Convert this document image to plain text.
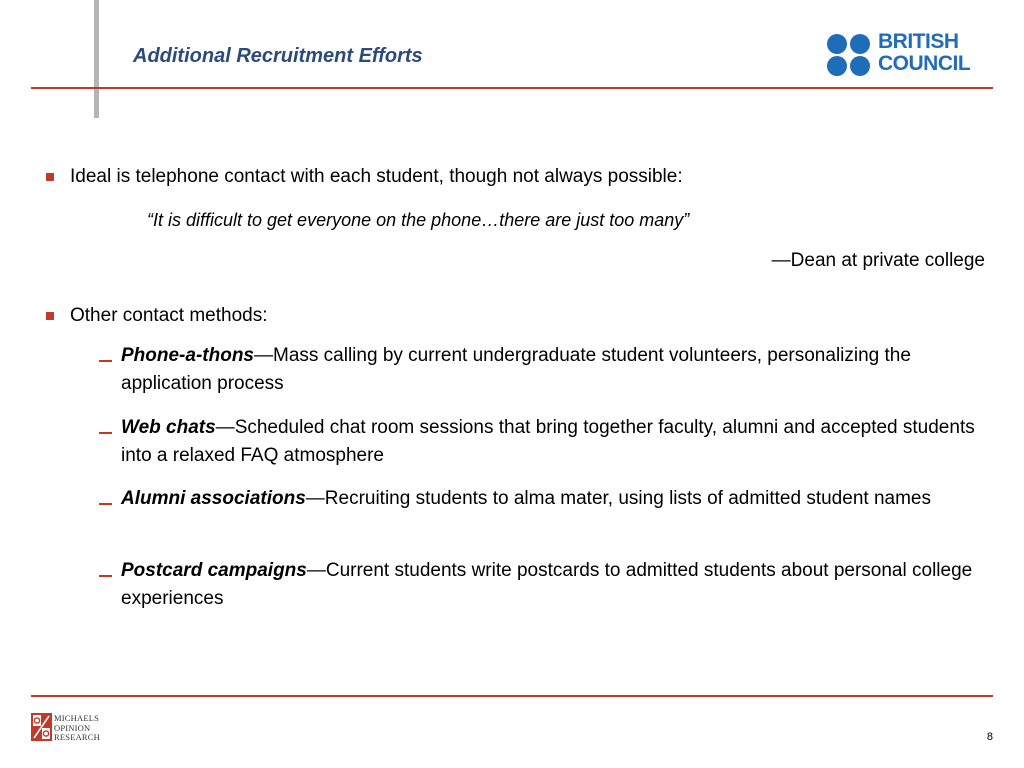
Additional Recruitment Efforts
BRITISH
COUNCIL
Ideal is telephone contact with each student, though not always possible:
“It is difficult to get everyone on the phone…there are just too many”
—Dean at private college
Other contact methods:
Phone-a-thons—Mass calling by current undergraduate student volunteers, personalizing the application process
Web chats—Scheduled chat room sessions that bring together faculty, alumni and accepted students into a relaxed FAQ atmosphere
Alumni associations—Recruiting students to alma mater, using lists of admitted student names
Postcard campaigns—Current students write postcards to admitted students about personal college experiences
MICHAELS
OPINION
RESEARCH	8
